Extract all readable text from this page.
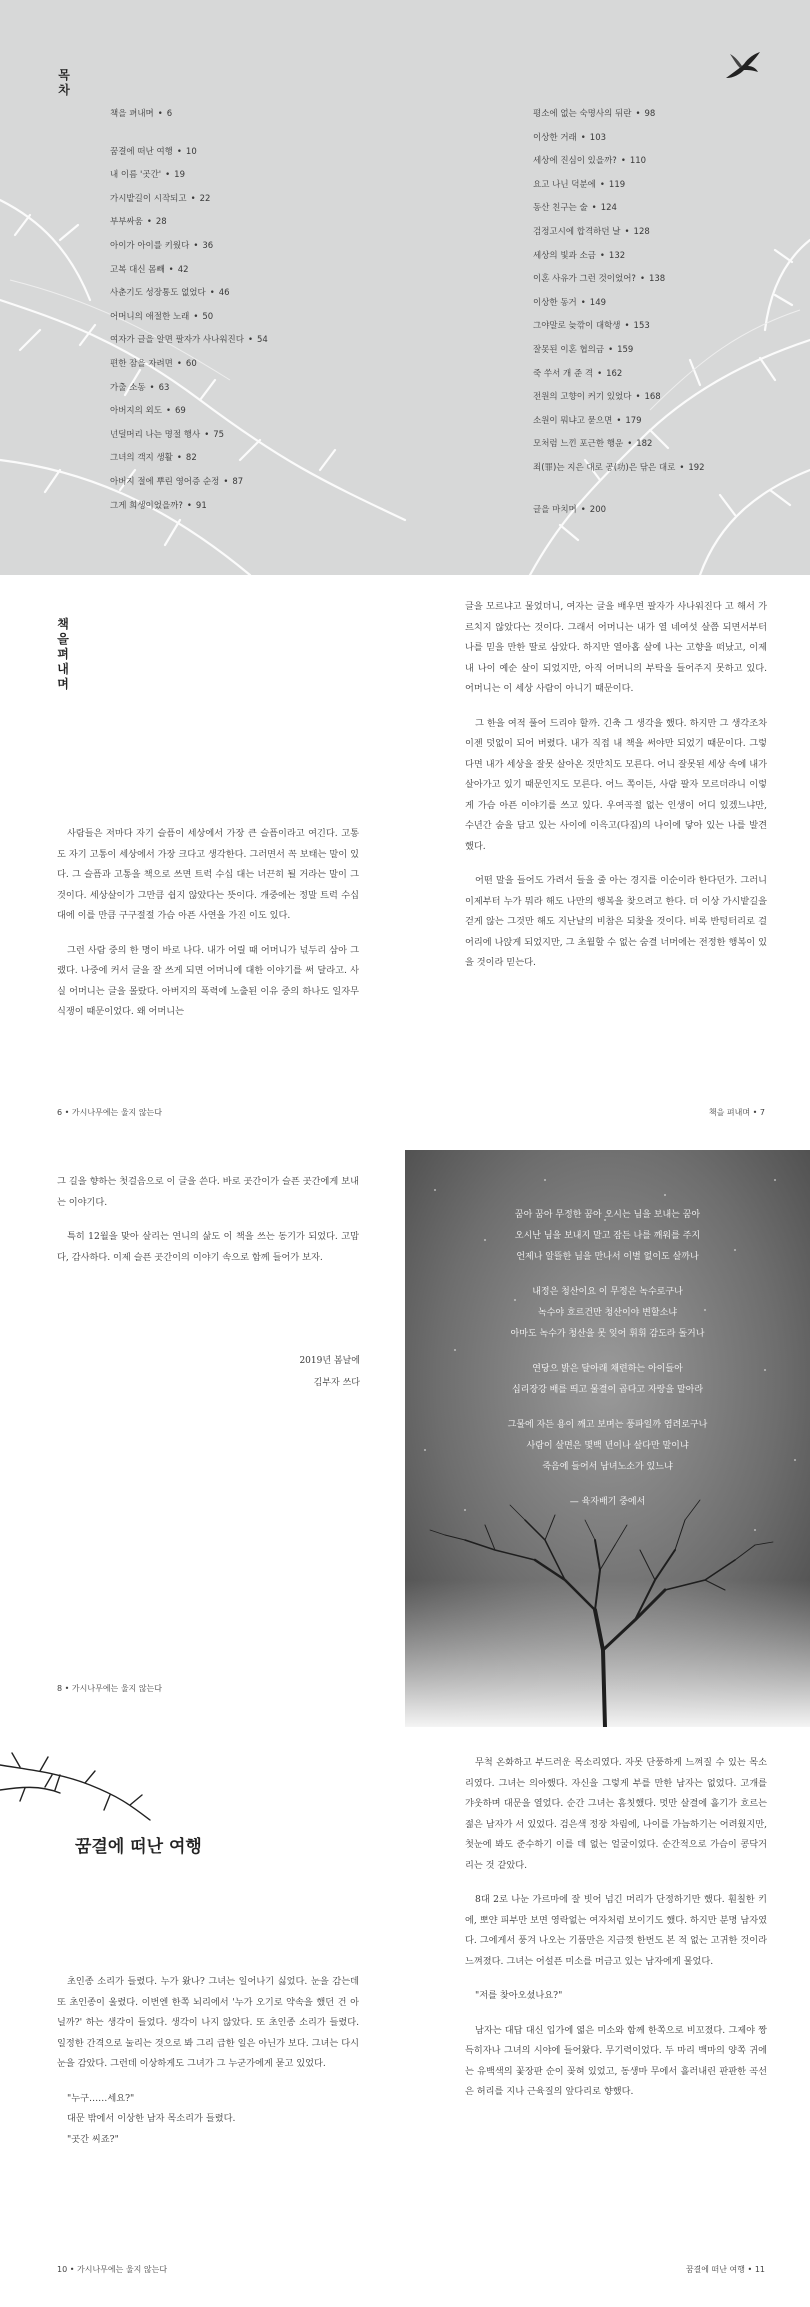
목
차
책을 펴내며 • 6
꿈결에 떠난 여행 • 10
내 이름 '곳간' • 19
가시밭길이 시작되고 • 22
부부싸움 • 28
아이가 아이를 키웠다 • 36
고복 대신 몸빼 • 42
사춘기도 성장통도 없었다 • 46
어머니의 애절한 노래 • 50
여자가 글을 알면 팔자가 사나워진다 • 54
편한 잠을 자려면 • 60
가출 소동 • 63
아버지의 외도 • 69
넌덜머리 나는 명절 행사 • 75
그녀의 객지 생활 • 82
아버지 절에 뿌린 영어증 순정 • 87
그게 희생이었을까? • 91
평소에 없는 숙명사의 뒤란 • 98
이상한 거래 • 103
세상에 진심이 있을까? • 110
요고 나닌 덕분에 • 119
동산 친구는 술 • 124
검정고시에 합격하던 날 • 128
세상의 빛과 소금 • 132
이혼 사유가 그런 것이었어? • 138
이상한 동거 • 149
그야말로 늦깎이 대학생 • 153
잘못된 이혼 협의금 • 159
죽 쑤서 개 준 격 • 162
전원의 고향이 커기 있었다 • 168
소원이 뭐냐고 묻으면 • 179
모처럼 느낀 포근한 행운 • 182
죄(罪)는 지은 대로 공(功)은 닦은 대로 • 192
글을 마치며 • 200
책
을
펴
내
며

사람들은 저마다 자기 슬픔이 세상에서 가장 큰 슬픔이라고 여긴다. 고통도 자기 고통이 세상에서 가장 크다고 생각한다. 그러면서 꼭 보태는 말이 있다. 그 슬픔과 고통을 책으로 쓰면 트럭 수십 대는 너끈히 될 거라는 말이 그것이다. 세상살이가 그만큼 쉽지 않았다는 뜻이다. 개중에는 정말 트럭 수십 대에 이를 만큼 구구절절 가슴 아픈 사연을 가진 이도 있다.

그런 사람 중의 한 명이 바로 나다. 내가 어릴 때 어머니가 넋두리 삼아 그랬다. 나중에 커서 글을 잘 쓰게 되면 어머니에 대한 이야기를 써 달라고. 사실 어머니는 글을 몰랐다. 아버지의 폭력에 노출된 이유 중의 하나도 일자무식쟁이 때문이었다. 왜 어머니는

6 • 가시나무에는 울지 않는다

글을 모르냐고 물었더니, 여자는 글을 배우면 팔자가 사나워진다 고 해서 가르치지 않았다는 것이다. 그래서 어머니는 내가 열 네여섯 살쯤 되면서부터 나를 믿을 만한 딸로 삼았다. 하지만 열아홉 살에 나는 고향을 떠났고, 이제 내 나이 예순 살이 되었지만, 아직 어머니의 부탁을 들어주지 못하고 있다. 어머니는 이 세상 사람이 아니기 때문이다.

그 한을 여적 풀어 드리야 할까. 긴축 그 생각을 했다. 하지만 그 생각조차 이젠 덧없이 되어 버렸다. 내가 직접 내 책을 써야만 되었기 때문이다. 그렇다면 내가 세상을 잘못 살아온 것만치도 모른다. 어니 잘못된 세상 속에 내가 살아가고 있기 때문인지도 모른다. 어느 쪽이든, 사람 팔자 모르더라니 이렇게 가슴 아픈 이야기를 쓰고 있다. 우여곡절 없는 인생이 어디 있겠느냐만, 수년간 숨을 담고 있는 사이에 이윽고(다짐)의 나이에 닿아 있는 나를 발견했다.

어떤 말을 들어도 가려서 들을 줄 아는 경지를 이순이라 한다던가. 그러니 이제부터 누가 뭐라 해도 나만의 행복을 찾으려고 한다. 더 이상 가시밭길을 걷게 않는 그것만 해도 지난날의 비참은 되찾을 것이다. 비록 반텅터리로 걸어리에 나앉게 되었지만, 그 초월할 수 없는 숨결 너머에는 전정한 행복이 있을 것이라 믿는다.

책을 펴내며 • 7

그 길을 향하는 첫걸음으로 이 글을 쓴다. 바로 곳간이가 슬픈 곳간에게 보내는 이야기다.

특히 12월을 맞아 살리는 연니의 삶도 이 책을 쓰는 동기가 되었다. 고맙다, 감사하다. 이제 슬픈 곳간이의 이야기 속으로 함께 들어가 보자.

2019년 봄날에
김부자 쓰다
8 • 가시나무에는 울지 않는다
꿈아 꿈아 무정한 꿈아 오시는 님을 보내는 꿈아
오시난 님을 보내지 말고 잠든 나를 깨워를 주지
언제나 알뜰한 님을 만나서 이별 없이도 살까나
내정은 청산이요 이 무정은 녹수로구나
녹수야 흐르건만 청산이야 변할소냐
아마도 녹수가 청산을 못 잊어 휘휘 감도라 돌거나
연당으 밝은 달아래 채련하는 아이들아
십리장강 배를 띄고 물결이 곱다고 자랑을 말아라
그물에 자든 용이 깨고 보며는 풍파일까 염려로구나
사람이 살면은 몇백 년이나 살다만 말이냐
죽음에 들어서 남녀노소가 있느냐
— 육자배기 중에서
꿈결에 떠난 여행

초인종 소리가 들렸다. 누가 왔나? 그녀는 일어나기 싫었다. 눈을 감는데 또 초인종이 울렸다. 이번엔 한쪽 뇌리에서 '누가 오기로 약속을 했던 건 아닐까?' 하는 생각이 들었다. 생각이 나지 않았다. 또 초인종 소리가 들렸다. 일정한 간격으로 눌리는 것으로 봐 그리 급한 일은 아닌가 보다. 그녀는 다시 눈을 감았다. 그런데 이상하게도 그녀가 그 누군가에게 묻고 있었다.

"누구……세요?"

대문 밖에서 이상한 남자 목소리가 들렸다.

"곳간 씨죠?"

10 • 가시나무에는 울지 않는다

무척 온화하고 부드러운 목소리였다. 자못 단풍하게 느껴질 수 있는 목소리였다. 그녀는 의아했다. 자신을 그렇게 부를 만한 남자는 없었다. 고개를 갸웃하며 대문을 열었다. 순간 그녀는 흠칫했다. 멋만 살결에 흘기가 흐르는 젊은 남자가 서 있었다. 검은색 정장 차림에, 나이를 가늠하기는 어려웠지만, 첫눈에 봐도 준수하기 이를 데 없는 얼굴이었다. 순간적으로 가슴이 콩닥거리는 것 같았다.

8대 2로 나눈 가르마에 잘 빗어 넘긴 머리가 단정하기만 했다. 훤칠한 키에, 뽀얀 피부만 보면 영락없는 여자처럼 보이기도 했다. 하지만 분명 남자였다. 그에게서 풍겨 나오는 기품만은 지금껏 한번도 본 적 없는 고귀한 것이라 느껴졌다. 그녀는 어설픈 미소를 머금고 있는 남자에게 물었다.

"저를 찾아오셨나요?"

남자는 대답 대신 입가에 엷은 미소와 함께 한쪽으로 비꼬졌다. 그제야 짱득히자나 그녀의 시야에 들어왔다. 무기력이었다. 두 마리 백마의 양쪽 귀에는 유백색의 꽃장판 순이 꽂혀 있었고, 동생마 무에서 흘러내린 판판한 곡선은 허리를 지나 근육질의 앞다리로 향했다.

꿈결에 떠난 여행 • 11
